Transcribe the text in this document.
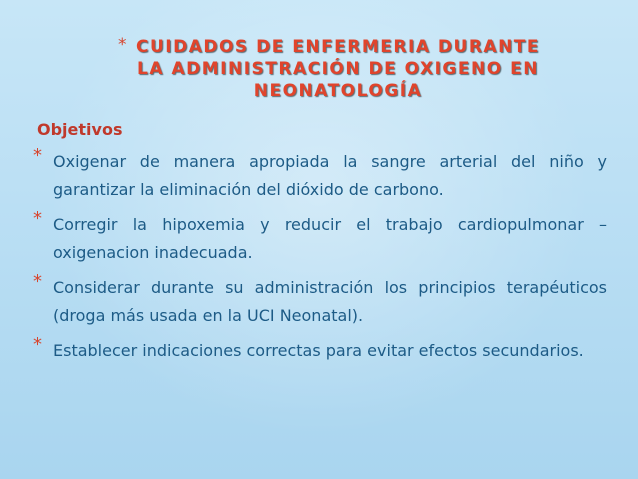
* CUIDADOS DE ENFERMERIA DURANTE
LA ADMINISTRACIÓN DE OXIGENO EN
NEONATOLOGÍA
Objetivos
* Oxigenar de manera apropiada la sangre arterial del niño y garantizar la eliminación del dióxido de carbono.
* Corregir la hipoxemia y reducir el trabajo cardiopulmonar –oxigenacion inadecuada.
* Considerar durante su administración los principios terapéuticos (droga más usada en la UCI Neonatal).
* Establecer indicaciones correctas para evitar efectos secundarios.
